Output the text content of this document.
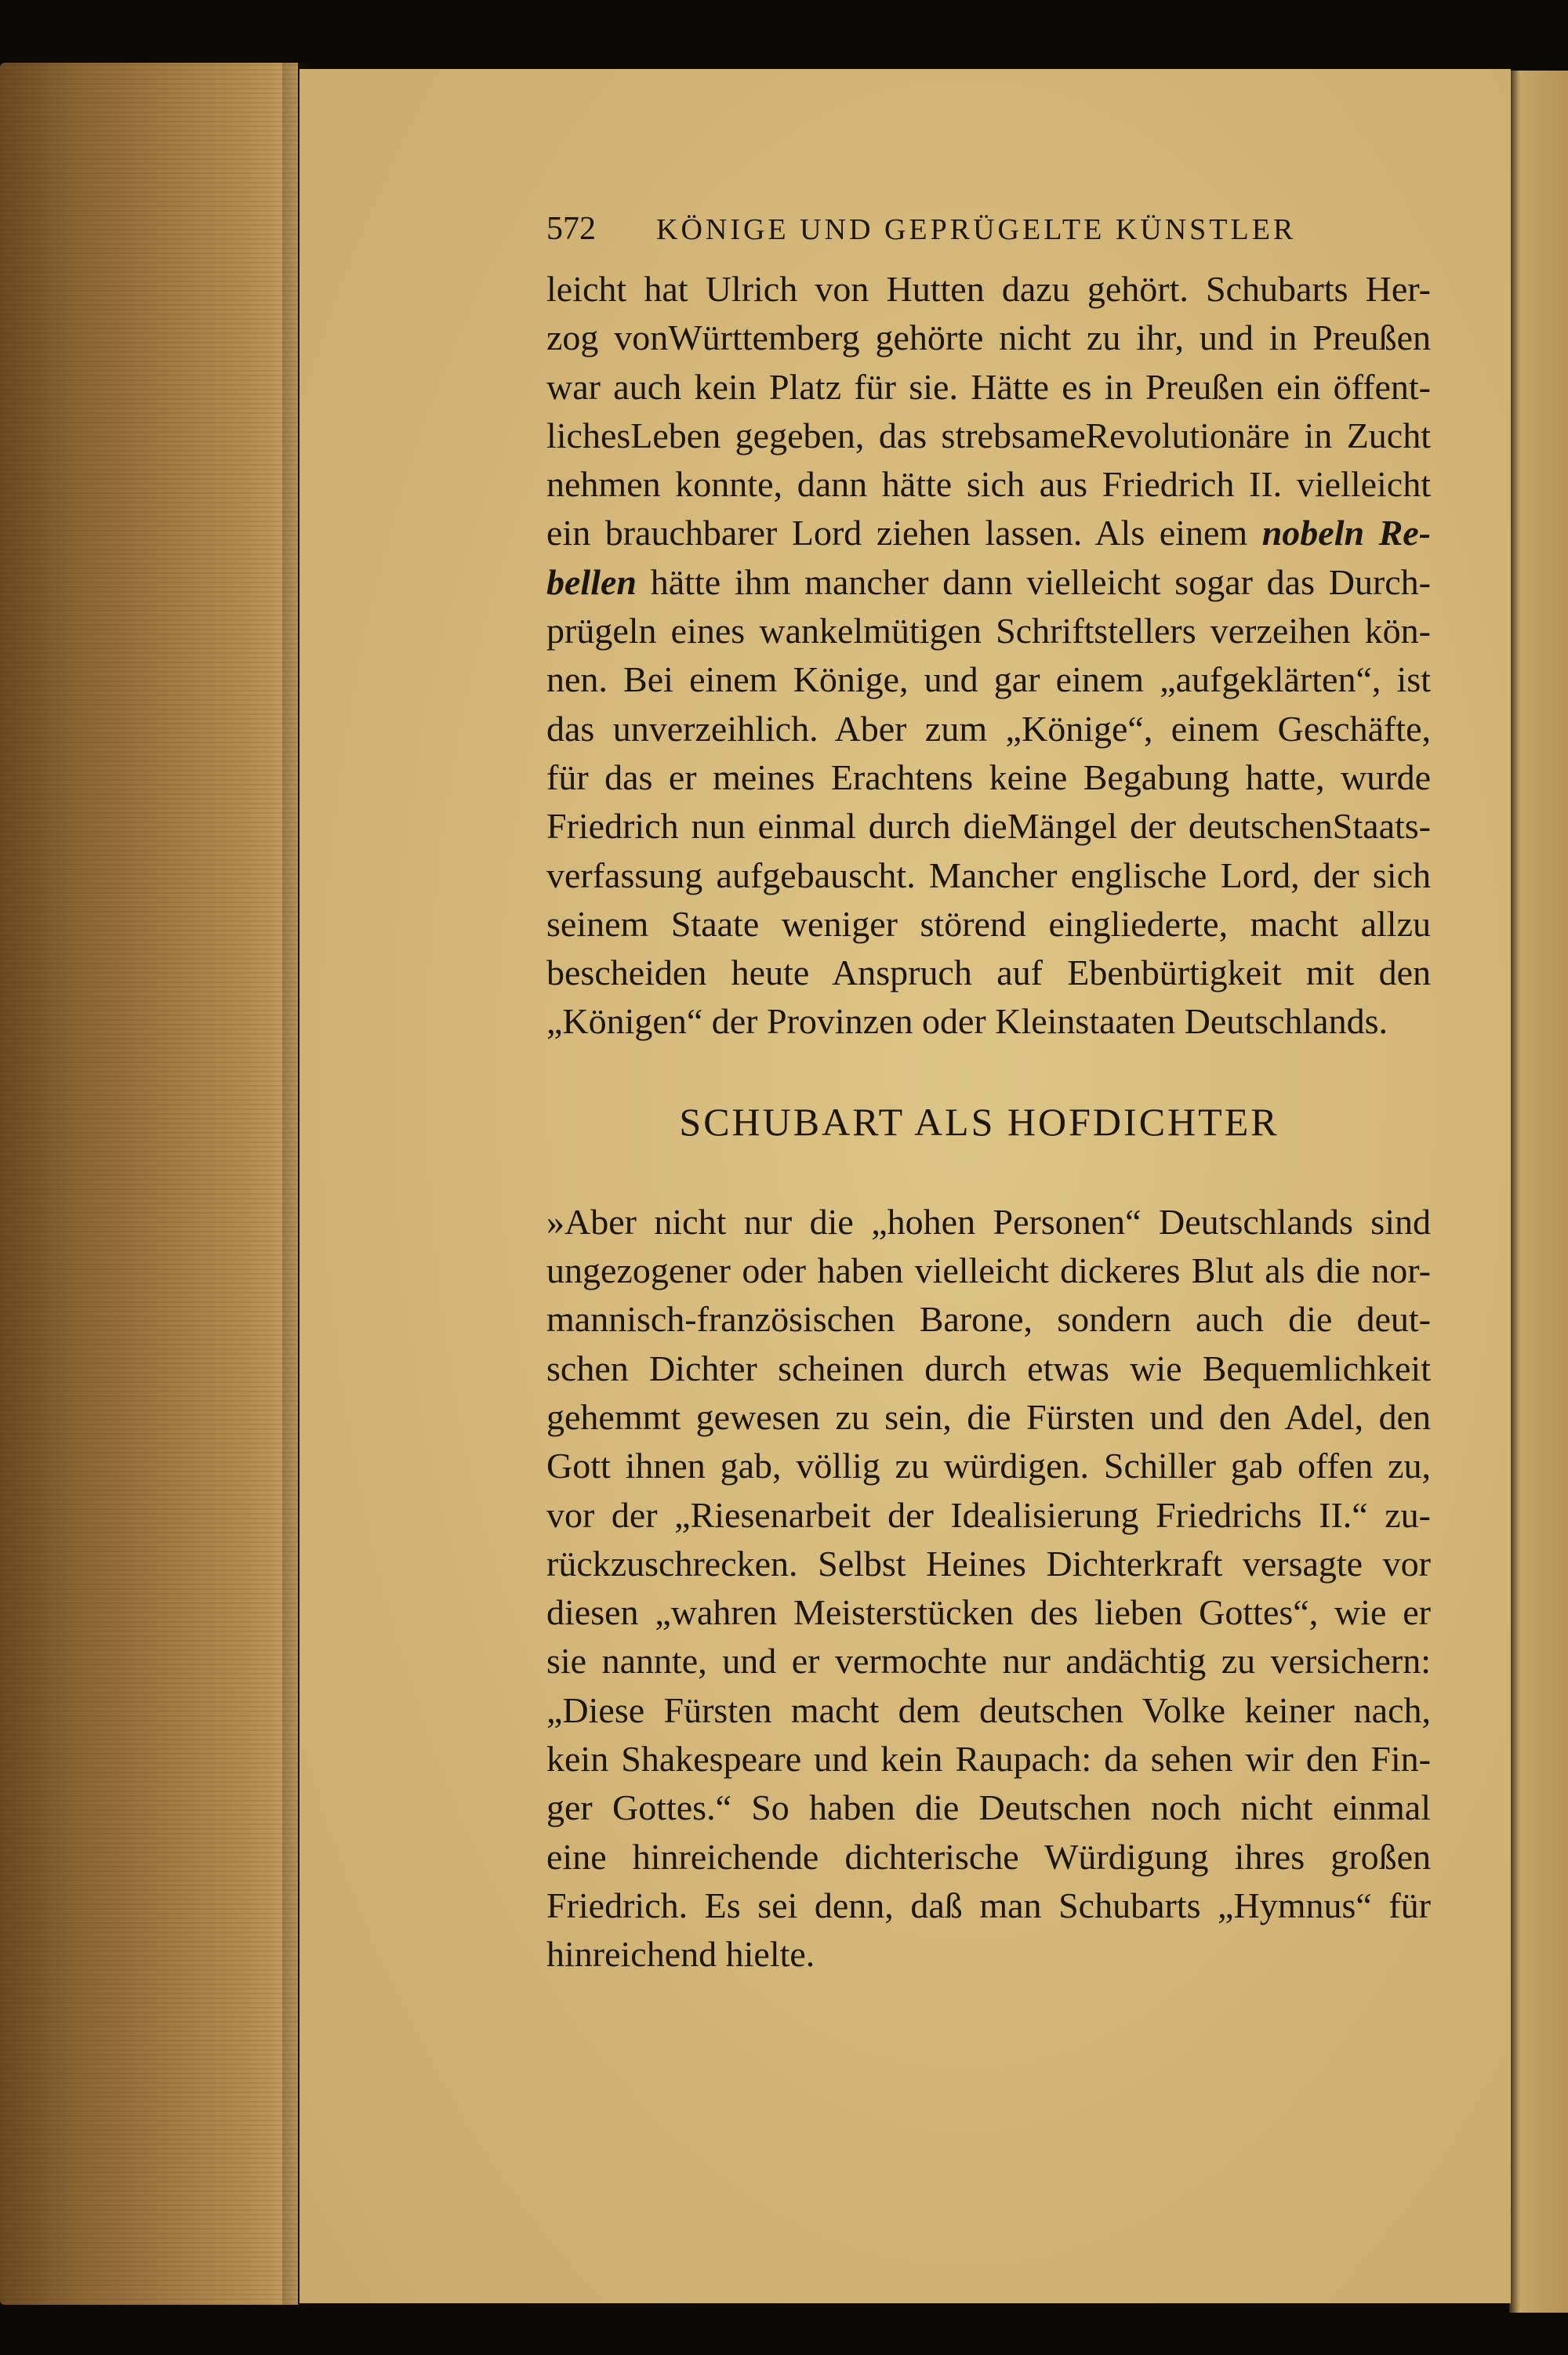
572	KÖNIGE UND GEPRÜGELTE KÜNSTLER
leicht hat Ulrich von Hutten dazu gehört. Schubarts Her-
zog vonWürttemberg gehörte nicht zu ihr, und in Preußen
war auch kein Platz für sie. Hätte es in Preußen ein öffent-
lichesLeben gegeben, das strebsameRevolutionäre in Zucht
nehmen konnte, dann hätte sich aus Friedrich II. vielleicht
ein brauchbarer Lord ziehen lassen. Als einem nobeln Re-
bellen hätte ihm mancher dann vielleicht sogar das Durch-
prügeln eines wankelmütigen Schriftstellers verzeihen kön-
nen. Bei einem Könige, und gar einem „aufgeklärten“, ist
das unverzeihlich. Aber zum „Könige“, einem Geschäfte,
für das er meines Erachtens keine Begabung hatte, wurde
Friedrich nun einmal durch dieMängel der deutschenStaats-
verfassung aufgebauscht. Mancher englische Lord, der sich
seinem Staate weniger störend eingliederte, macht allzu
bescheiden heute Anspruch auf Ebenbürtigkeit mit den
„Königen“ der Provinzen oder Kleinstaaten Deutschlands.
SCHUBART ALS HOFDICHTER
»Aber nicht nur die „hohen Personen“ Deutschlands sind
ungezogener oder haben vielleicht dickeres Blut als die nor-
mannisch-französischen Barone, sondern auch die deut-
schen Dichter scheinen durch etwas wie Bequemlichkeit
gehemmt gewesen zu sein, die Fürsten und den Adel, den
Gott ihnen gab, völlig zu würdigen. Schiller gab offen zu,
vor der „Riesenarbeit der Idealisierung Friedrichs II.“ zu-
rückzuschrecken. Selbst Heines Dichterkraft versagte vor
diesen „wahren Meisterstücken des lieben Gottes“, wie er
sie nannte, und er vermochte nur andächtig zu versichern:
„Diese Fürsten macht dem deutschen Volke keiner nach,
kein Shakespeare und kein Raupach: da sehen wir den Fin-
ger Gottes.“ So haben die Deutschen noch nicht einmal
eine hinreichende dichterische Würdigung ihres großen
Friedrich. Es sei denn, daß man Schubarts „Hymnus“ für
hinreichend hielte.
